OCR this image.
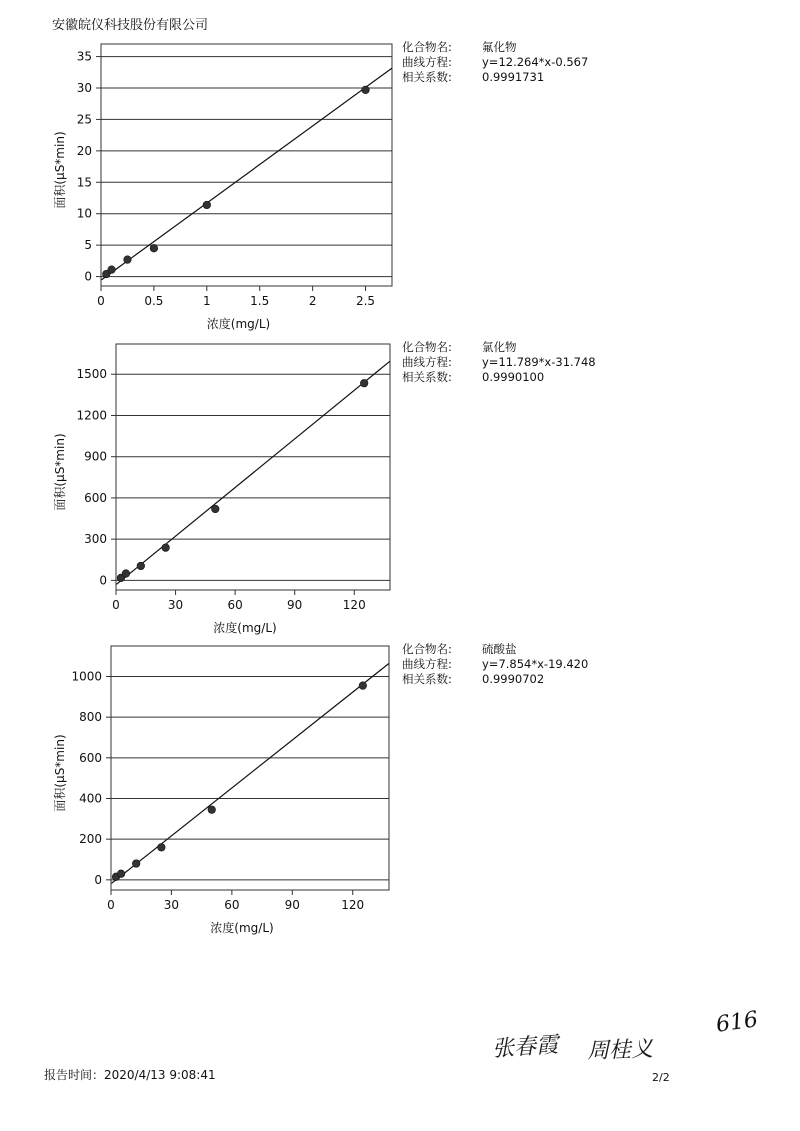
安徽皖仪科技股份有限公司
0
5
10
15
20
25
30
35
0	0.5	1	1.5	2	2.5
浓度(mg/L)
面积(μS*min)
化合物名:	氟化物
曲线方程:	y=12.264*x-0.567
相关系数:	0.9991731
0
300
600
900
1200
1500
0	30	60	90	120
浓度(mg/L)
面积(μS*min)
化合物名:	氯化物
曲线方程:	y=11.789*x-31.748
相关系数:	0.9990100
0
200
400
600
800
1000
0	30	60	90	120
浓度(mg/L)
面积(μS*min)
化合物名:	硫酸盐
曲线方程:	y=7.854*x-19.420
相关系数:	0.9990702
616
张春霞 周桂义
2/2
报告时间：2020/4/13 9:08:41
